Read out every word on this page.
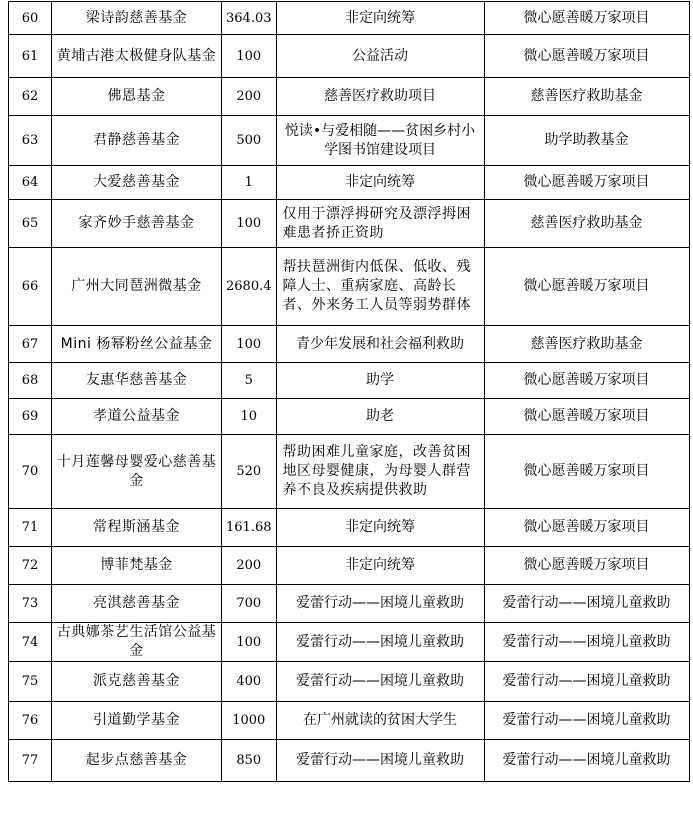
60	梁诗韵慈善基金	364.03	非定向统筹	微心愿善暖万家项目
61	黄埔古港太极健身队基金	100	公益活动	微心愿善暖万家项目
62	佛恩基金	200	慈善医疗救助项目	慈善医疗救助基金
63	君静慈善基金	500	悦读•与爱相随——贫困乡村小学图书馆建设项目	助学助教基金
64	大爱慈善基金	1	非定向统筹	微心愿善暖万家项目
65	家齐妙手慈善基金	100	仅用于漂浮拇研究及漂浮拇困难患者挢正资助	慈善医疗救助基金
66	广州大同琶洲微基金	2680.4	帮扶琶洲街内低保、低收、残障人士、重病家庭、高龄长者、外来务工人员等弱势群体	微心愿善暖万家项目
67	Mini 杨幂粉丝公益基金	100	青少年发展和社会福利救助	慈善医疗救助基金
68	友惠华慈善基金	5	助学	微心愿善暖万家项目
69	孝道公益基金	10	助老	微心愿善暖万家项目
70	十月莲馨母婴爱心慈善基金	520	帮助困难儿童家庭，改善贫困地区母婴健康，为母婴人群营养不良及疾病提供救助	微心愿善暖万家项目
71	常程斯涵基金	161.68	非定向统筹	微心愿善暖万家项目
72	博菲梵基金	200	非定向统筹	微心愿善暖万家项目
73	亮淇慈善基金	700	爱蕾行动——困境儿童救助	爱蕾行动——困境儿童救助
74	古典娜茶艺生活馆公益基金	100	爱蕾行动——困境儿童救助	爱蕾行动——困境儿童救助
75	派克慈善基金	400	爱蕾行动——困境儿童救助	爱蕾行动——困境儿童救助
76	引道勤学基金	1000	在广州就读的贫困大学生	爱蕾行动——困境儿童救助
77	起步点慈善基金	850	爱蕾行动——困境儿童救助	爱蕾行动——困境儿童救助
